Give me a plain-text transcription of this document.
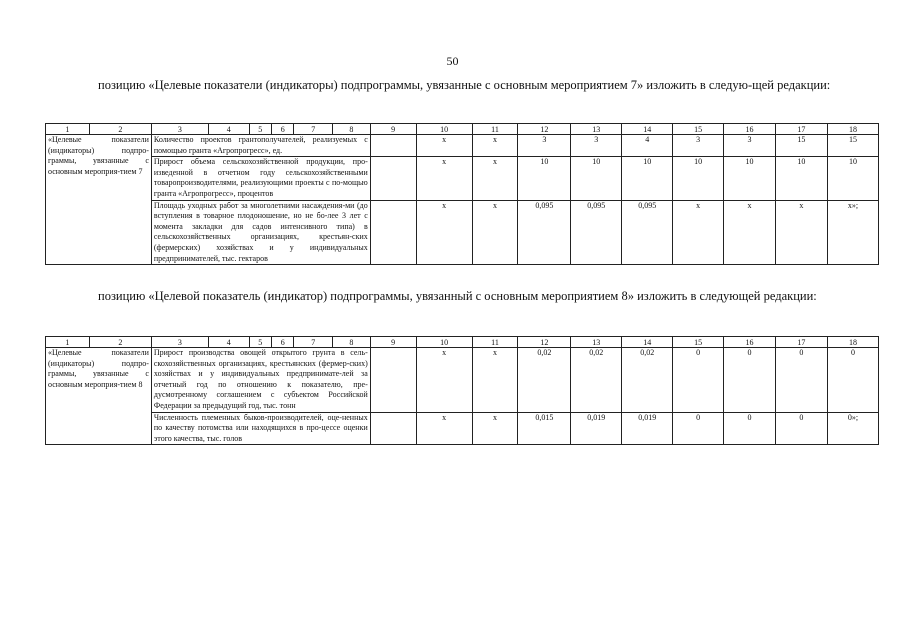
50
позицию «Целевые показатели (индикаторы) подпрограммы, увязанные с основным мероприятием 7» изложить в следую-щей редакции:
1	2	3	4	5	6	7	8	9	10	11	12	13	14	15	16	17	18
«Целевые показатели (индикаторы) подпро-граммы, увязанные с основным мероприя-тием 7		Количество проектов грантополучателей, реализуемых с помощью гранта «Агропрогресс», ед.							x	x	3	3	4	3	3	15	15
		Прирост объема сельскохозяйственной продукции, про-изведенной в отчетном году сельскохозяйственными товаропроизводителями, реализующими проекты с по-мощью гранта «Агропрогресс», процентов							x	x	10	10	10	10	10	10	10
		Площадь уходных работ за многолетними насаждения-ми (до вступления в товарное плодоношение, но не бо-лее 3 лет с момента закладки для садов интенсивного типа) в сельскохозяйственных организациях, крестьян-ских (фермерских) хозяйствах и у индивидуальных предпринимателей, тыс. гектаров							x	x	0,095	0,095	0,095	x	x	x	x»;
позицию «Целевой показатель (индикатор) подпрограммы, увязанный с основным мероприятием 8» изложить в следующей редакции:
1	2	3	4	5	6	7	8	9	10	11	12	13	14	15	16	17	18
«Целевые показатели (индикаторы) подпро-граммы, увязанные с основным мероприя-тием 8		Прирост производства овощей открытого грунта в сель-скохозяйственных организациях, крестьянских (фермер-ских) хозяйствах и у индивидуальных предпринимате-лей за отчетный год по отношению к показателю, пре-дусмотренному соглашением с субъектом Российской Федерации за предыдущий год, тыс. тонн							x	x	0,02	0,02	0,02	0	0	0	0
		Численность племенных быков-производителей, оце-ненных по качеству потомства или находящихся в про-цессе оценки этого качества, тыс. голов							x	x	0,015	0,019	0,019	0	0	0	0»;
